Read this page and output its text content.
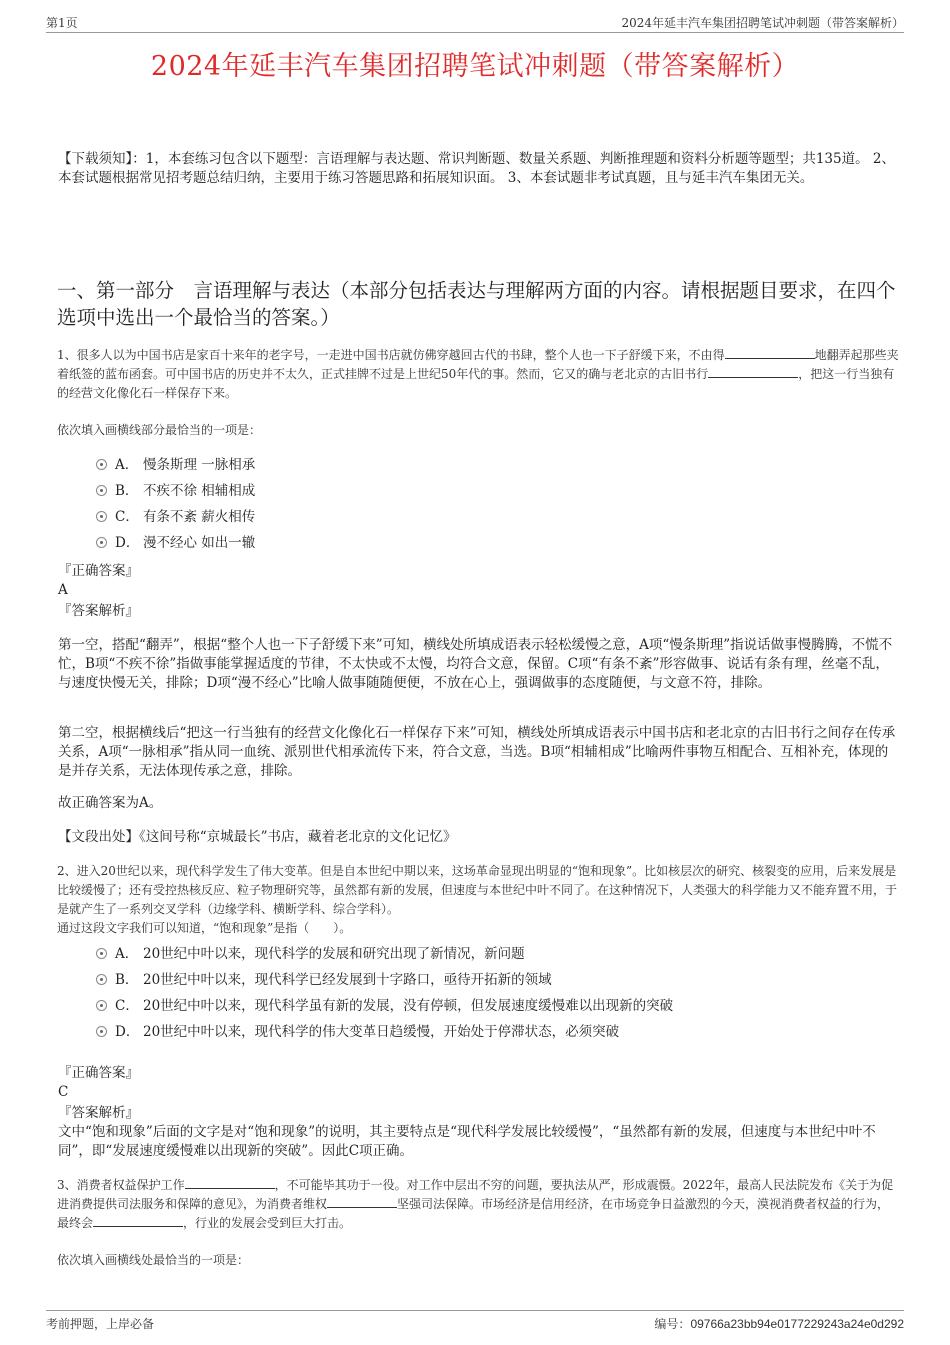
第1页	2024年延丰汽车集团招聘笔试冲刺题（带答案解析）
2024年延丰汽车集团招聘笔试冲刺题（带答案解析）
【下载须知】：1，本套练习包含以下题型：言语理解与表达题、常识判断题、数量关系题、判断推理题和资料分析题等题型；共135道。 2、本套试题根据常见招考题总结归纳，主要用于练习答题思路和拓展知识面。 3、本套试题非考试真题，且与延丰汽车集团无关。
一、第一部分　言语理解与表达（本部分包括表达与理解两方面的内容。请根据题目要求，在四个选项中选出一个最恰当的答案。）
1、很多人以为中国书店是家百十来年的老字号，一走进中国书店就仿佛穿越回古代的书肆，整个人也一下子舒缓下来，不由得	地翻弄起那些夹着纸签的蓝布函套。可中国书店的历史并不太久，正式挂牌不过是上世纪50年代的事。然而，它又的确与老北京的古旧书行	，把这一行当独有的经营文化像化石一样保存下来。
依次填入画横线部分最恰当的一项是：
A． 慢条斯理 一脉相承
B． 不疾不徐 相辅相成
C． 有条不紊 薪火相传
D． 漫不经心 如出一辙
『正确答案』
A
『答案解析』
第一空，搭配“翻弄”，根据“整个人也一下子舒缓下来”可知，横线处所填成语表示轻松缓慢之意，A项“慢条斯理”指说话做事慢腾腾，不慌不忙，B项“不疾不徐”指做事能掌握适度的节律，不太快或不太慢，均符合文意，保留。C项“有条不紊”形容做事、说话有条有理，丝毫不乱，与速度快慢无关，排除；D项“漫不经心”比喻人做事随随便便，不放在心上，强调做事的态度随便，与文意不符，排除。
第二空，根据横线后“把这一行当独有的经营文化像化石一样保存下来”可知，横线处所填成语表示中国书店和老北京的古旧书行之间存在传承关系，A项“一脉相承”指从同一血统、派别世代相承流传下来，符合文意，当选。B项“相辅相成”比喻两件事物互相配合、互相补充，体现的是并存关系，无法体现传承之意，排除。
故正确答案为A。
【文段出处】《这间号称“京城最长”书店，藏着老北京的文化记忆》
2、进入20世纪以来，现代科学发生了伟大变革。但是自本世纪中期以来，这场革命显现出明显的“饱和现象”。比如核层次的研究、核裂变的应用，后来发展是比较缓慢了；还有受控热核反应、粒子物理研究等，虽然都有新的发展，但速度与本世纪中叶不同了。在这种情况下，人类强大的科学能力又不能弃置不用，于是就产生了一系列交叉学科（边缘学科、横断学科、综合学科）。
通过这段文字我们可以知道，“饱和现象”是指（　　）。
A． 20世纪中叶以来，现代科学的发展和研究出现了新情况，新问题
B． 20世纪中叶以来，现代科学已经发展到十字路口，亟待开拓新的领域
C． 20世纪中叶以来，现代科学虽有新的发展，没有停顿，但发展速度缓慢难以出现新的突破
D． 20世纪中叶以来，现代科学的伟大变革日趋缓慢，开始处于停滞状态，必须突破
『正确答案』
C
『答案解析』
文中“饱和现象”后面的文字是对“饱和现象”的说明，其主要特点是“现代科学发展比较缓慢”，“虽然都有新的发展，但速度与本世纪中叶不同”，即“发展速度缓慢难以出现新的突破”。因此C项正确。
3、消费者权益保护工作	，不可能毕其功于一役。对工作中层出不穷的问题，要执法从严，形成震慑。2022年，最高人民法院发布《关于为促进消费提供司法服务和保障的意见》，为消费者维权	坚强司法保障。市场经济是信用经济，在市场竞争日益激烈的今天，漠视消费者权益的行为，最终会	，行业的发展会受到巨大打击。
依次填入画横线处最恰当的一项是：
考前押题，上岸必备	编号：09766a23bb94e0177229243a24e0d292
